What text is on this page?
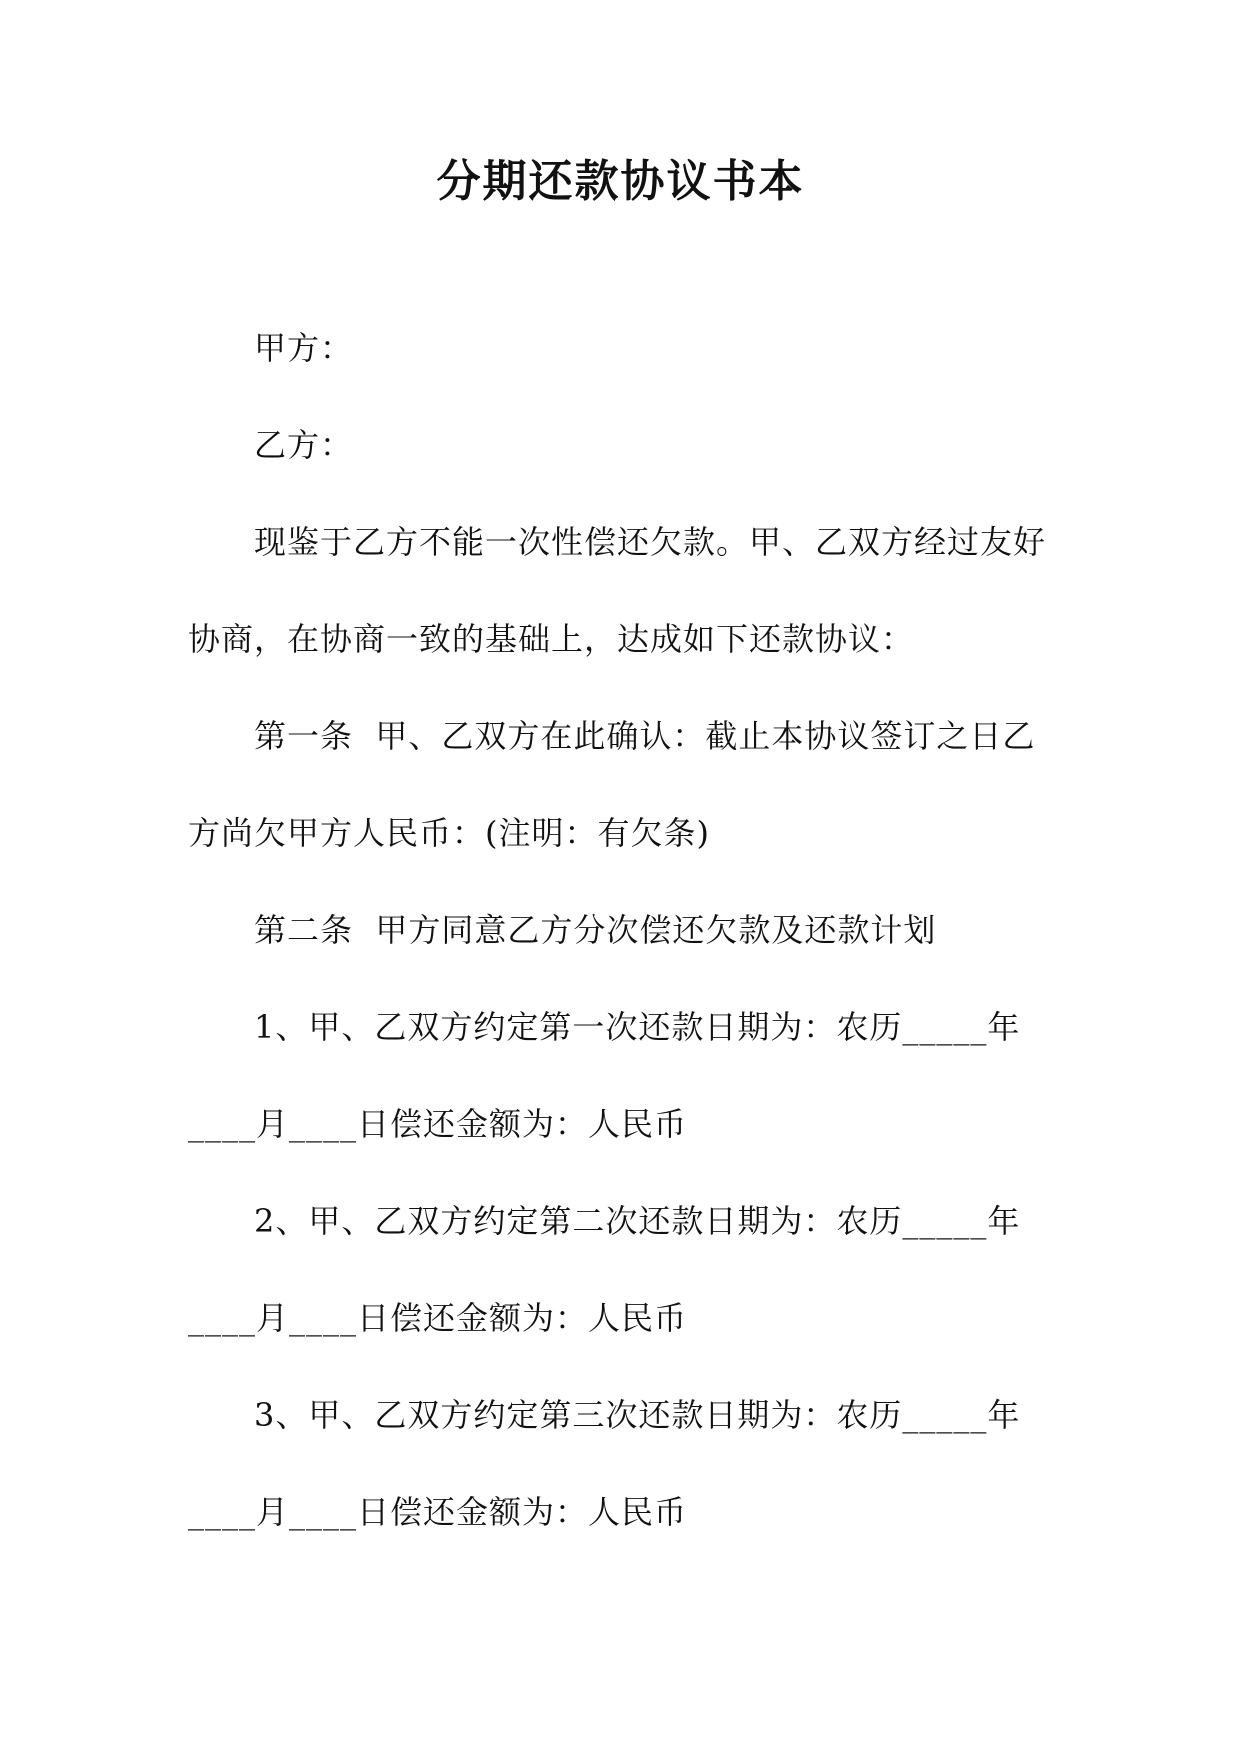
分期还款协议书本

甲方：

乙方：

现鉴于乙方不能一次性偿还欠款。甲、乙双方经过友好协商，在协商一致的基础上，达成如下还款协议：

第一条  甲、乙双方在此确认：截止本协议签订之日乙方尚欠甲方人民币：(注明：有欠条)

第二条  甲方同意乙方分次偿还欠款及还款计划

1、甲、乙双方约定第一次还款日期为：农历_____年____月____日偿还金额为：人民币

2、甲、乙双方约定第二次还款日期为：农历_____年____月____日偿还金额为：人民币

3、甲、乙双方约定第三次还款日期为：农历_____年____月____日偿还金额为：人民币
